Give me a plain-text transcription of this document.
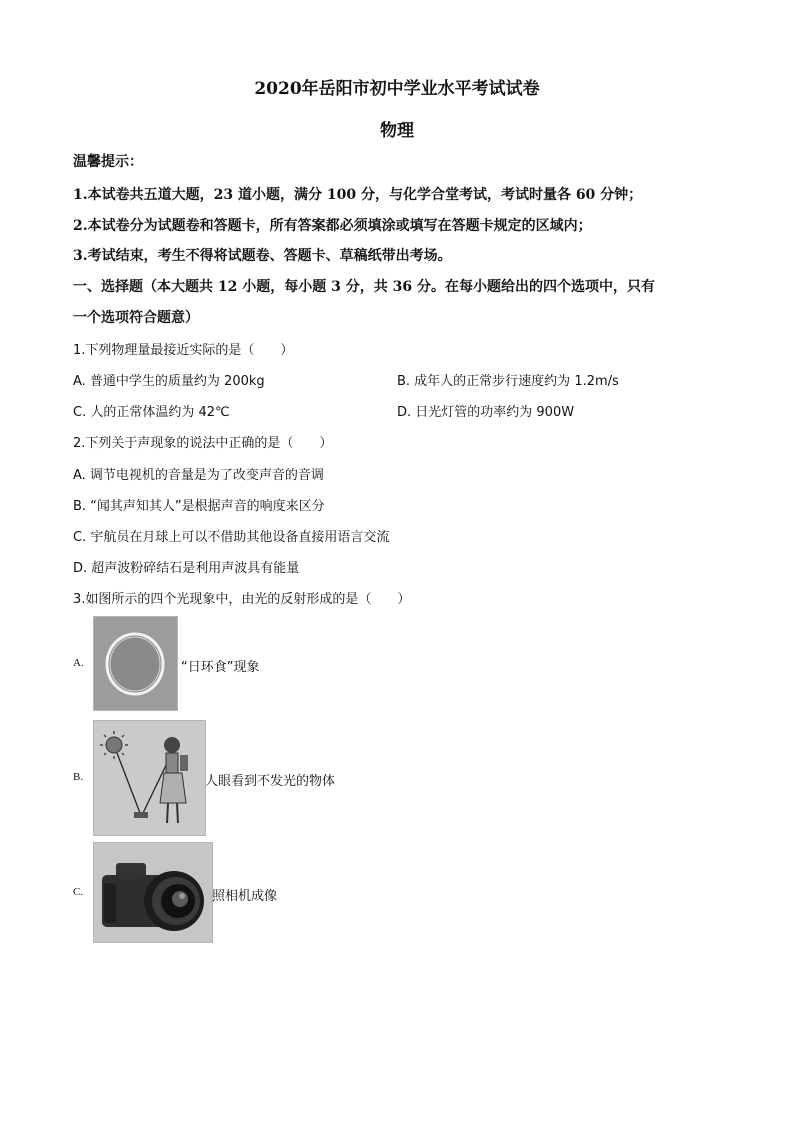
2020年岳阳市初中学业水平考试试卷
物理
温馨提示：
1.本试卷共五道大题，23 道小题，满分 100 分，与化学合堂考试，考试时量各 60 分钟；
2.本试卷分为试题卷和答题卡，所有答案都必须填涂或填写在答题卡规定的区域内；
3.考试结束，考生不得将试题卷、答题卡、草稿纸带出考场。
一、选择题（本大题共 12 小题，每小题 3 分，共 36 分。在每小题给出的四个选项中，只有
一个选项符合题意）
1.下列物理量最接近实际的是（　　）
A. 普通中学生的质量约为 200kg	B. 成年人的正常步行速度约为 1.2m/s
C. 人的正常体温约为 42℃	D. 日光灯管的功率约为 900W
2.下列关于声现象的说法中正确的是（　　）
A. 调节电视机的音量是为了改变声音的音调
B. “闻其声知其人”是根据声音的响度来区分
C. 宇航员在月球上可以不借助其他设备直接用语言交流
D. 超声波粉碎结石是利用声波具有能量
3.如图所示的四个光现象中，由光的反射形成的是（　　）
A.	“日环食”现象
B.	人眼看到不发光的物体
C.	照相机成像
